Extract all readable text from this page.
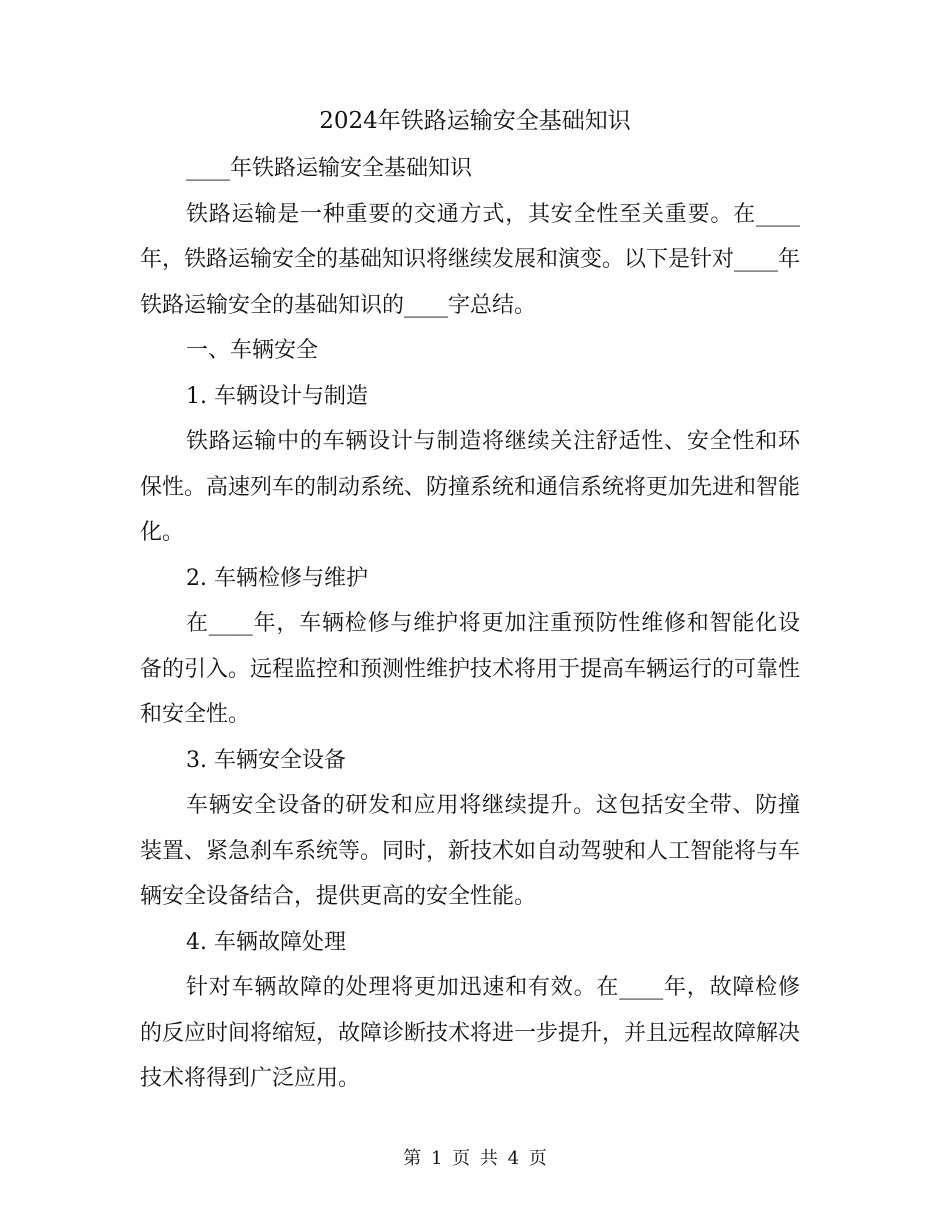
2024年铁路运输安全基础知识

____年铁路运输安全基础知识

铁路运输是一种重要的交通方式，其安全性至关重要。在____年，铁路运输安全的基础知识将继续发展和演变。以下是针对____年铁路运输安全的基础知识的____字总结。

一、车辆安全

1. 车辆设计与制造

铁路运输中的车辆设计与制造将继续关注舒适性、安全性和环保性。高速列车的制动系统、防撞系统和通信系统将更加先进和智能化。

2. 车辆检修与维护

在____年，车辆检修与维护将更加注重预防性维修和智能化设备的引入。远程监控和预测性维护技术将用于提高车辆运行的可靠性和安全性。

3. 车辆安全设备

车辆安全设备的研发和应用将继续提升。这包括安全带、防撞装置、紧急刹车系统等。同时，新技术如自动驾驶和人工智能将与车辆安全设备结合，提供更高的安全性能。

4. 车辆故障处理

针对车辆故障的处理将更加迅速和有效。在____年，故障检修的反应时间将缩短，故障诊断技术将进一步提升，并且远程故障解决技术将得到广泛应用。

第 1 页 共 4 页
